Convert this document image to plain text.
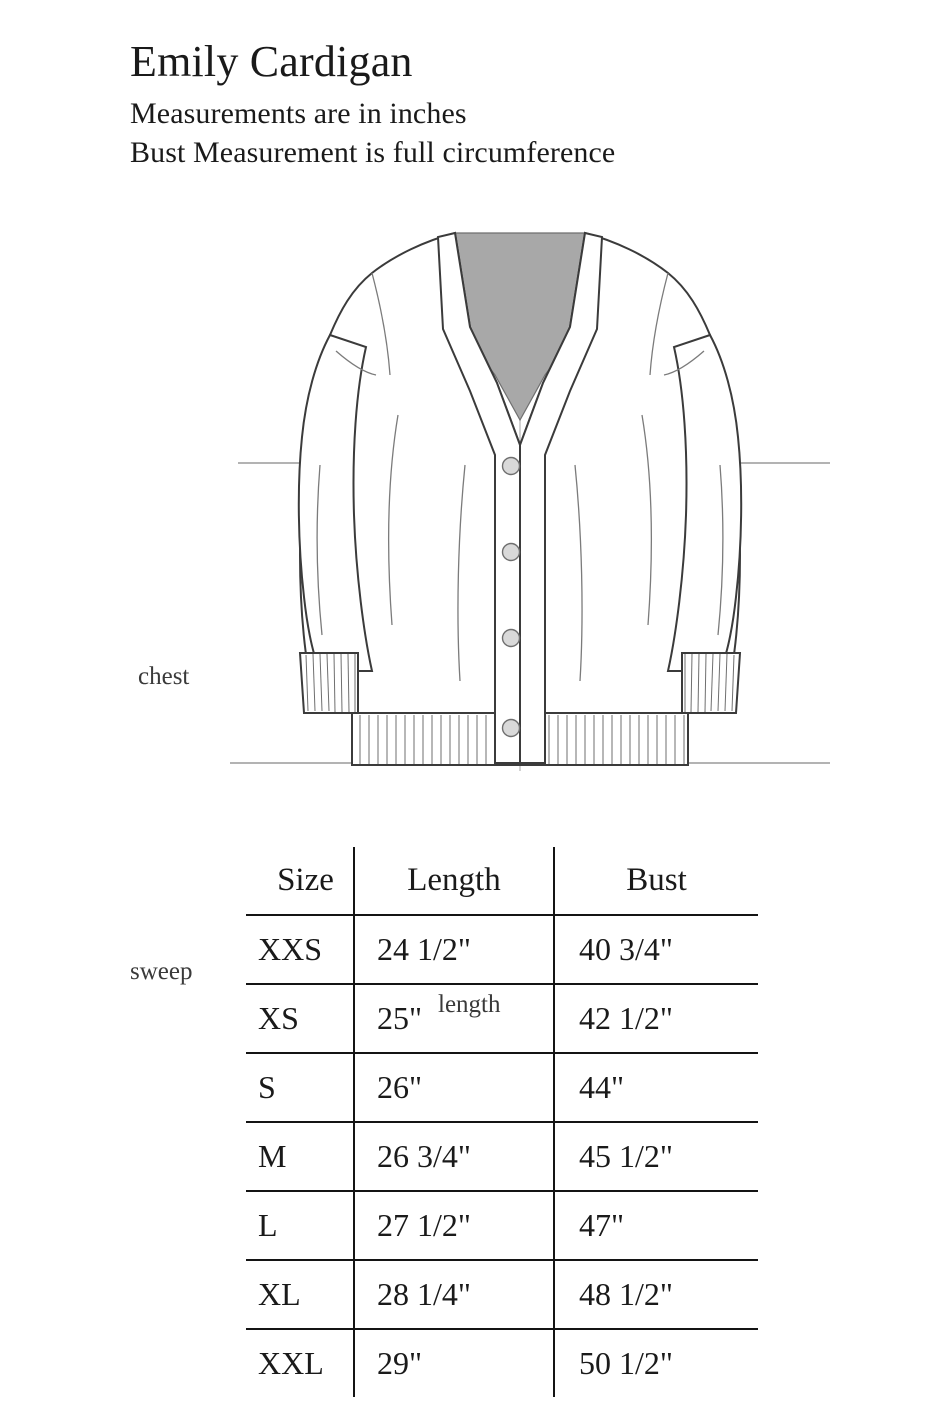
Emily Cardigan

Measurements are in inches

Bust Measurement is full circumference

chest
sweep
length
Size	Length	Bust
XXS	24 1/2"	40 3/4"
XS	25"	42 1/2"
S	26"	44"
M	26 3/4"	45 1/2"
L	27 1/2"	47"
XL	28 1/4"	48 1/2"
XXL	29"	50 1/2"
